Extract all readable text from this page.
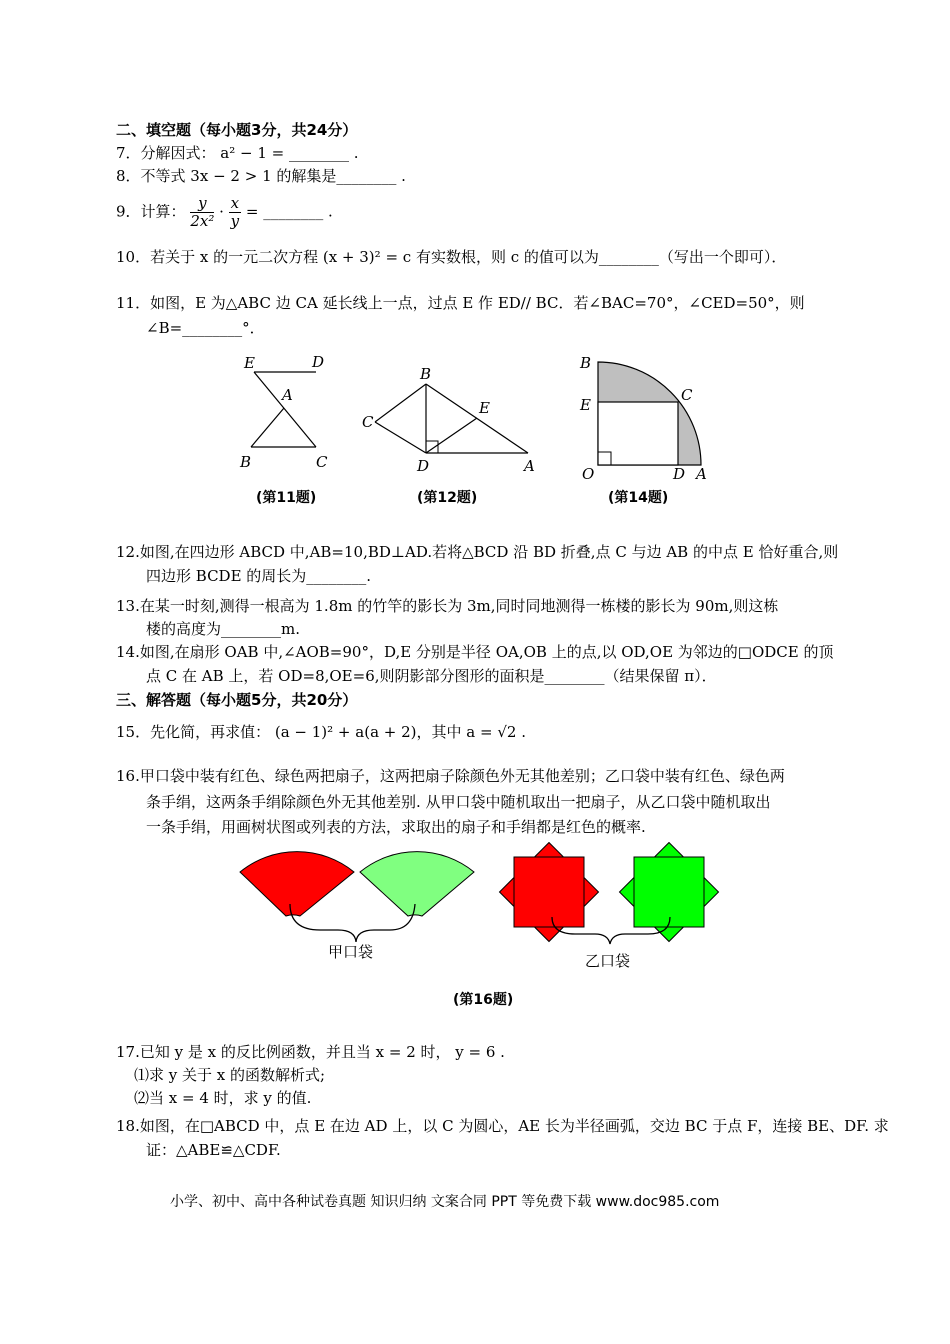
二、填空题（每小题3分，共24分）
7．分解因式： a² − 1 = ________ .
8．不等式 3x − 2 > 1 的解集是________ .
9．计算： $\frac{y}{\text{2x²}} \cdot \frac{x}{y}$ = ________ .
10．若关于 x 的一元二次方程 (x + 3)² = c 有实数根，则 c 的值可以为________（写出一个即可）．
11．如图，E 为△ABC 边 CA 延长线上一点，过点 E 作 ED// BC．若∠BAC=70°，∠CED=50°，则
∠B=________°．
E	D
A
B	C
(第11题)
B
E
C
D	A
(第12题)
B
C
E
O	D A
(第14题)
12.如图,在四边形 ABCD 中,AB=10,BD⊥AD.若将△BCD 沿 BD 折叠,点 C 与边 AB 的中点 E 恰好重合,则
四边形 BCDE 的周长为________.
13.在某一时刻,测得一根高为 1.8m 的竹竿的影长为 3m,同时同地测得一栋楼的影长为 90m,则这栋
楼的高度为________m.
14.如图,在扇形 OAB 中,∠AOB=90°，D,E 分别是半径 OA,OB 上的点,以 OD,OE 为邻边的□ODCE 的顶
点 C 在 AB 上，若 OD=8,OE=6,则阴影部分图形的面积是________（结果保留 π）．
三、解答题（每小题5分，共20分）
15．先化简，再求值： (a − 1)² + a(a + 2)，其中 a = √2 .
16.甲口袋中装有红色、绿色两把扇子，这两把扇子除颜色外无其他差别；乙口袋中装有红色、绿色两
条手绢，这两条手绢除颜色外无其他差别. 从甲口袋中随机取出一把扇子，从乙口袋中随机取出
一条手绢，用画树状图或列表的方法，求取出的扇子和手绢都是红色的概率.
甲口袋	乙口袋
(第16题)
17.已知 y 是 x 的反比例函数，并且当 x = 2 时， y = 6 .
⑴求 y 关于 x 的函数解析式;
⑵当 x = 4 时，求 y 的值.
18.如图，在□ABCD 中，点 E 在边 AD 上，以 C 为圆心，AE 长为半径画弧，交边 BC 于点 F，连接 BE、DF. 求
证：△ABE≌△CDF.
小学、初中、高中各种试卷真题 知识归纳 文案合同 PPT 等免费下载 www.doc985.com
